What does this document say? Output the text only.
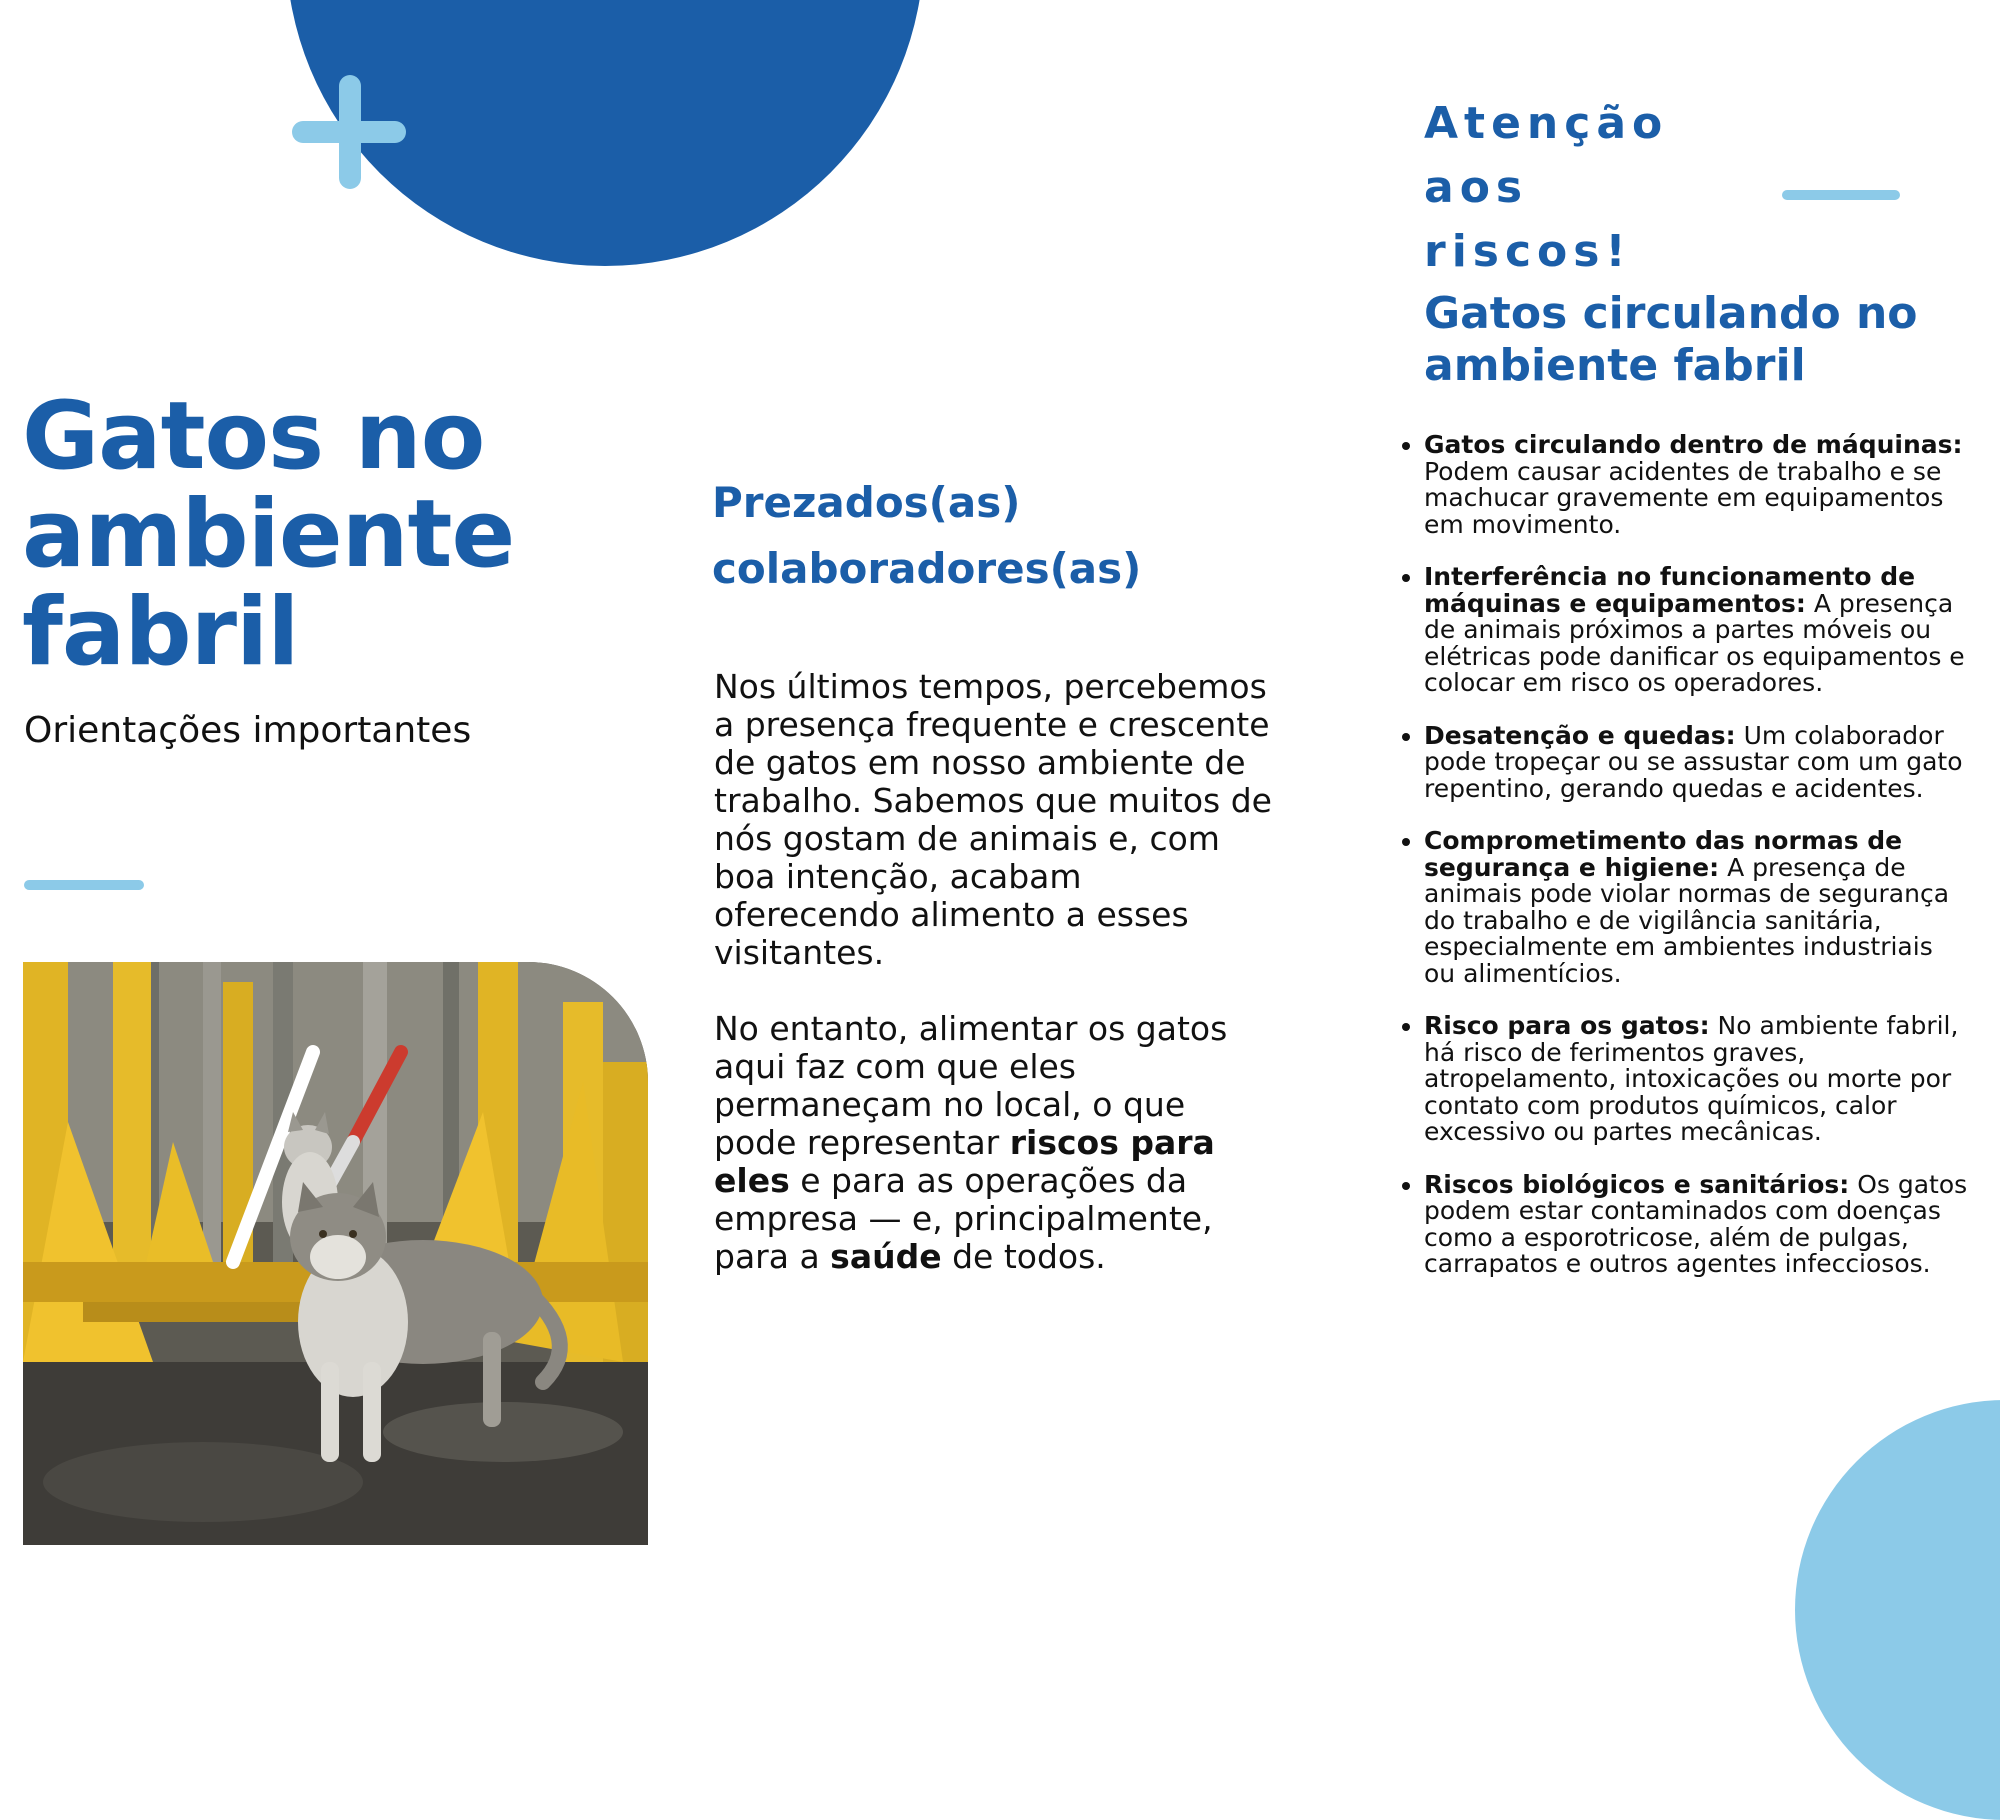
Gatos no ambiente fabril

Orientações importantes

Prezados(as) colaboradores(as)

Nos últimos tempos, percebemos a presença frequente e crescente de gatos em nosso ambiente de trabalho. Sabemos que muitos de nós gostam de animais e, com boa intenção, acabam oferecendo alimento a esses visitantes.

No entanto, alimentar os gatos aqui faz com que eles permaneçam no local, o que pode representar riscos para eles e para as operações da empresa — e, principalmente, para a saúde de todos.

Atenção aos riscos!
Gatos circulando no ambiente fabril
• Gatos circulando dentro de máquinas: Podem causar acidentes de trabalho e se machucar gravemente em equipamentos em movimento.
• Interferência no funcionamento de máquinas e equipamentos: A presença de animais próximos a partes móveis ou elétricas pode danificar os equipamentos e colocar em risco os operadores.
• Desatenção e quedas: Um colaborador pode tropeçar ou se assustar com um gato repentino, gerando quedas e acidentes.
• Comprometimento das normas de segurança e higiene: A presença de animais pode violar normas de segurança do trabalho e de vigilância sanitária, especialmente em ambientes industriais ou alimentícios.
• Risco para os gatos: No ambiente fabril, há risco de ferimentos graves, atropelamento, intoxicações ou morte por contato com produtos químicos, calor excessivo ou partes mecânicas.
• Riscos biológicos e sanitários: Os gatos podem estar contaminados com doenças como a esporotricose, além de pulgas, carrapatos e outros agentes infecciosos.
